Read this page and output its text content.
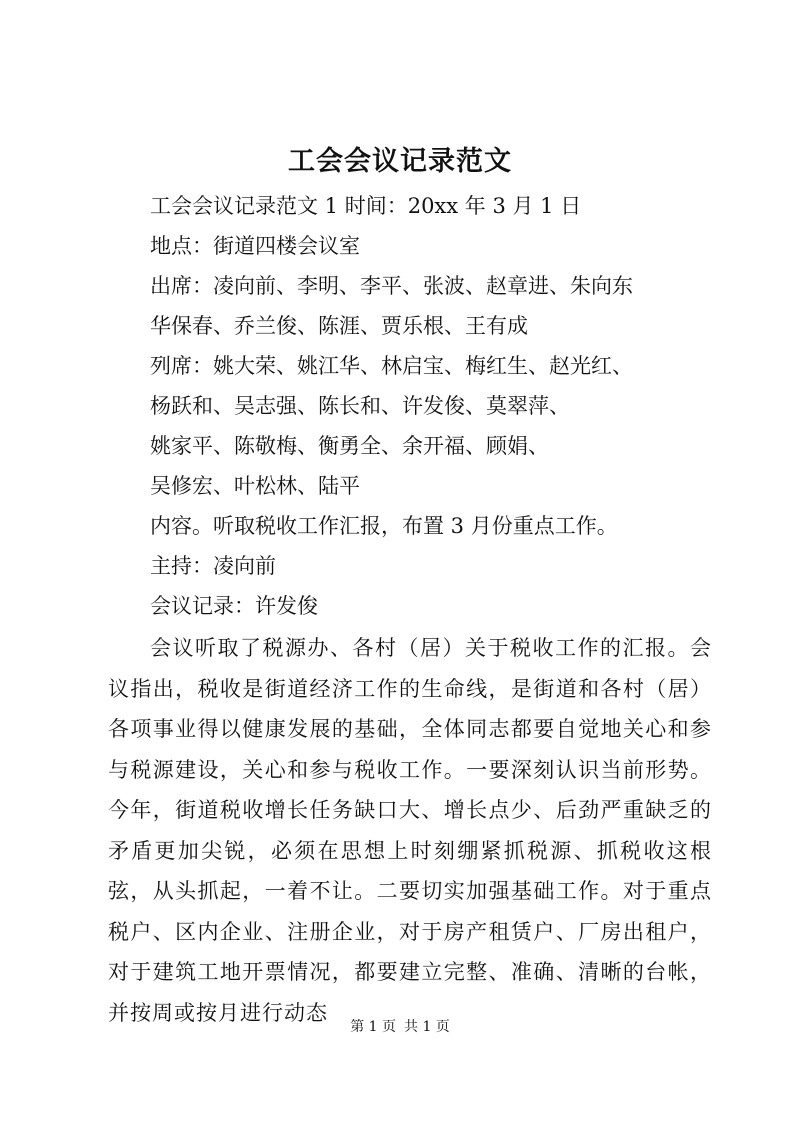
工会会议记录范文
工会会议记录范文 1 时间：20xx 年 3 月 1 日
地点：街道四楼会议室
出席：凌向前、李明、李平、张波、赵章进、朱向东
华保春、乔兰俊、陈涯、贾乐根、王有成
列席：姚大荣、姚江华、林启宝、梅红生、赵光红、
杨跃和、吴志强、陈长和、许发俊、莫翠萍、
姚家平、陈敬梅、衡勇全、余开福、顾娟、
吴修宏、叶松林、陆平
内容。听取税收工作汇报，布置 3 月份重点工作。
主持：凌向前
会议记录：许发俊
会议听取了税源办、各村（居）关于税收工作的汇报。会议指出，税收是街道经济工作的生命线，是街道和各村（居）各项事业得以健康发展的基础，全体同志都要自觉地关心和参与税源建设，关心和参与税收工作。一要深刻认识当前形势。今年，街道税收增长任务缺口大、增长点少、后劲严重缺乏的矛盾更加尖锐，必须在思想上时刻绷紧抓税源、抓税收这根弦，从头抓起，一着不让。二要切实加强基础工作。对于重点税户、区内企业、注册企业，对于房产租赁户、厂房出租户，对于建筑工地开票情况，都要建立完整、准确、清晰的台帐，并按周或按月进行动态
第 1 页 共 1 页
